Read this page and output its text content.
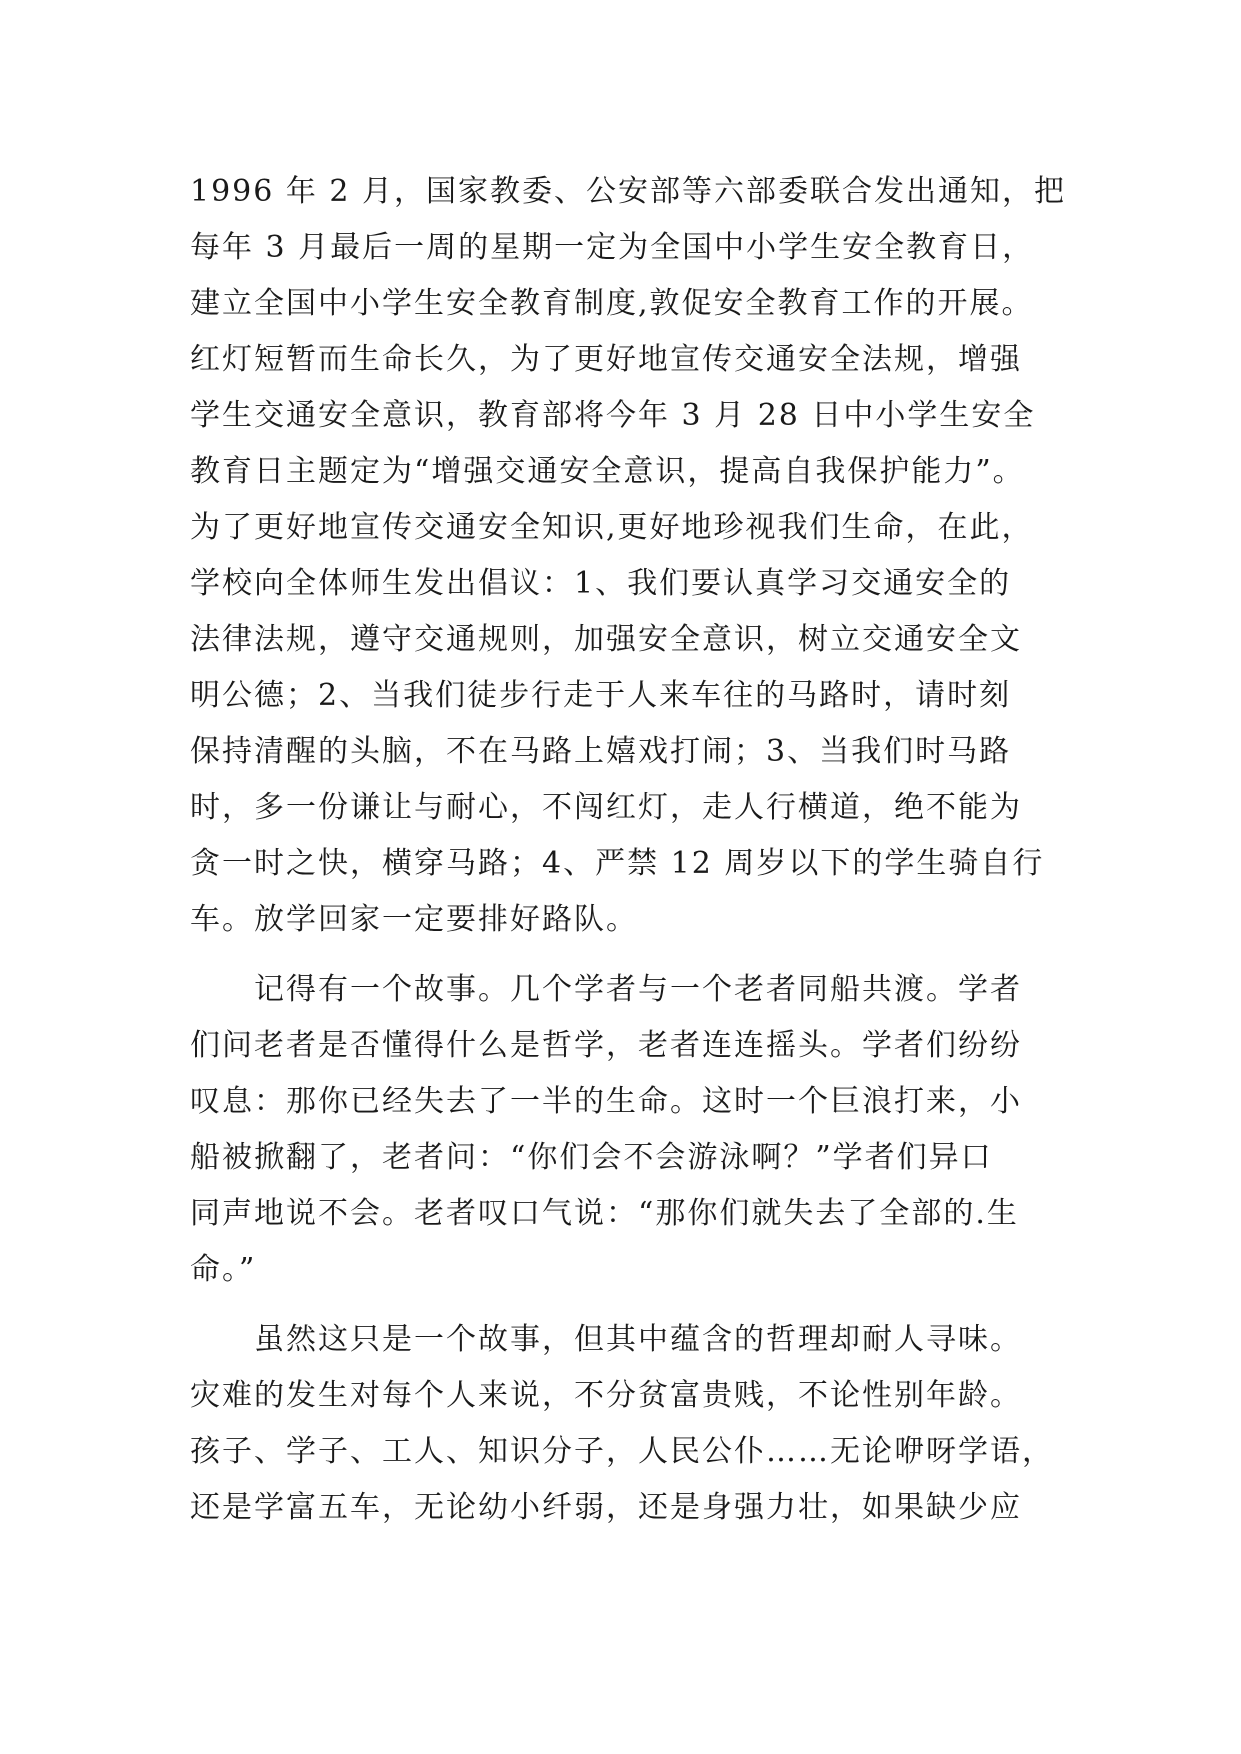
1996 年 2 月，国家教委、公安部等六部委联合发出通知，把
每年 3 月最后一周的星期一定为全国中小学生安全教育日，
建立全国中小学生安全教育制度,敦促安全教育工作的开展。
红灯短暂而生命长久，为了更好地宣传交通安全法规，增强
学生交通安全意识，教育部将今年 3 月 28 日中小学生安全
教育日主题定为“增强交通安全意识，提高自我保护能力”。
为了更好地宣传交通安全知识,更好地珍视我们生命，在此，
学校向全体师生发出倡议：1、我们要认真学习交通安全的
法律法规，遵守交通规则，加强安全意识，树立交通安全文
明公德；2、当我们徒步行走于人来车往的马路时，请时刻
保持清醒的头脑，不在马路上嬉戏打闹；3、当我们时马路
时，多一份谦让与耐心，不闯红灯，走人行横道，绝不能为
贪一时之快，横穿马路；4、严禁 12 周岁以下的学生骑自行
车。放学回家一定要排好路队。
　　记得有一个故事。几个学者与一个老者同船共渡。学者
们问老者是否懂得什么是哲学，老者连连摇头。学者们纷纷
叹息：那你已经失去了一半的生命。这时一个巨浪打来，小
船被掀翻了，老者问：“你们会不会游泳啊？”学者们异口
同声地说不会。老者叹口气说：“那你们就失去了全部的.生
命。”
　　虽然这只是一个故事，但其中蕴含的哲理却耐人寻味。
灾难的发生对每个人来说，不分贫富贵贱，不论性别年龄。
孩子、学子、工人、知识分子，人民公仆……无论咿呀学语，
还是学富五车，无论幼小纤弱，还是身强力壮，如果缺少应
